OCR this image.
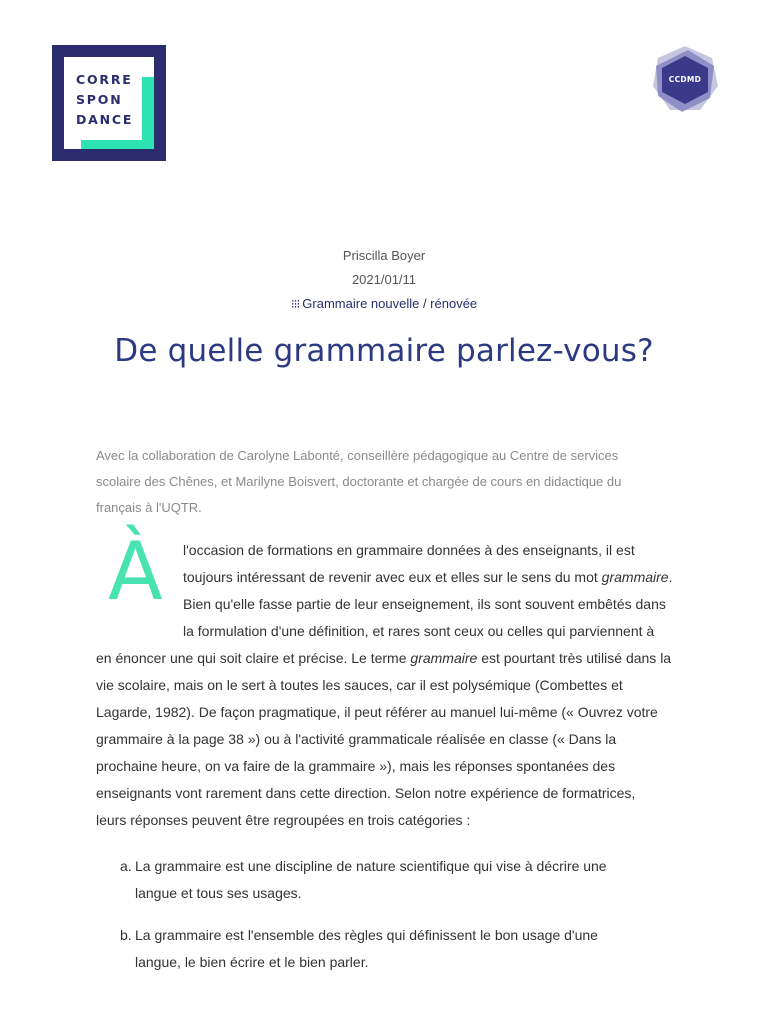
CORRE
SPON
DANCE
CCDMD
Priscilla Boyer
2021/01/11
⁝⁝⁝ Grammaire nouvelle / rénovée
De quelle grammaire parlez-vous?
Avec la collaboration de Carolyne Labonté, conseillère pédagogique au Centre de services
scolaire des Chênes, et Marilyne Boisvert, doctorante et chargée de cours en didactique du
français à l'UQTR.
À l'occasion de formations en grammaire données à des enseignants, il est
toujours intéressant de revenir avec eux et elles sur le sens du mot grammaire.
Bien qu'elle fasse partie de leur enseignement, ils sont souvent embêtés dans
la formulation d'une définition, et rares sont ceux ou celles qui parviennent à
en énoncer une qui soit claire et précise. Le terme grammaire est pourtant très utilisé dans la
vie scolaire, mais on le sert à toutes les sauces, car il est polysémique (Combettes et
Lagarde, 1982). De façon pragmatique, il peut référer au manuel lui-même (« Ouvrez votre
grammaire à la page 38 ») ou à l'activité grammaticale réalisée en classe (« Dans la
prochaine heure, on va faire de la grammaire »), mais les réponses spontanées des
enseignants vont rarement dans cette direction. Selon notre expérience de formatrices,
leurs réponses peuvent être regroupées en trois catégories :
a. La grammaire est une discipline de nature scientifique qui vise à décrire une
langue et tous ses usages.
b. La grammaire est l'ensemble des règles qui définissent le bon usage d'une
langue, le bien écrire et le bien parler.
